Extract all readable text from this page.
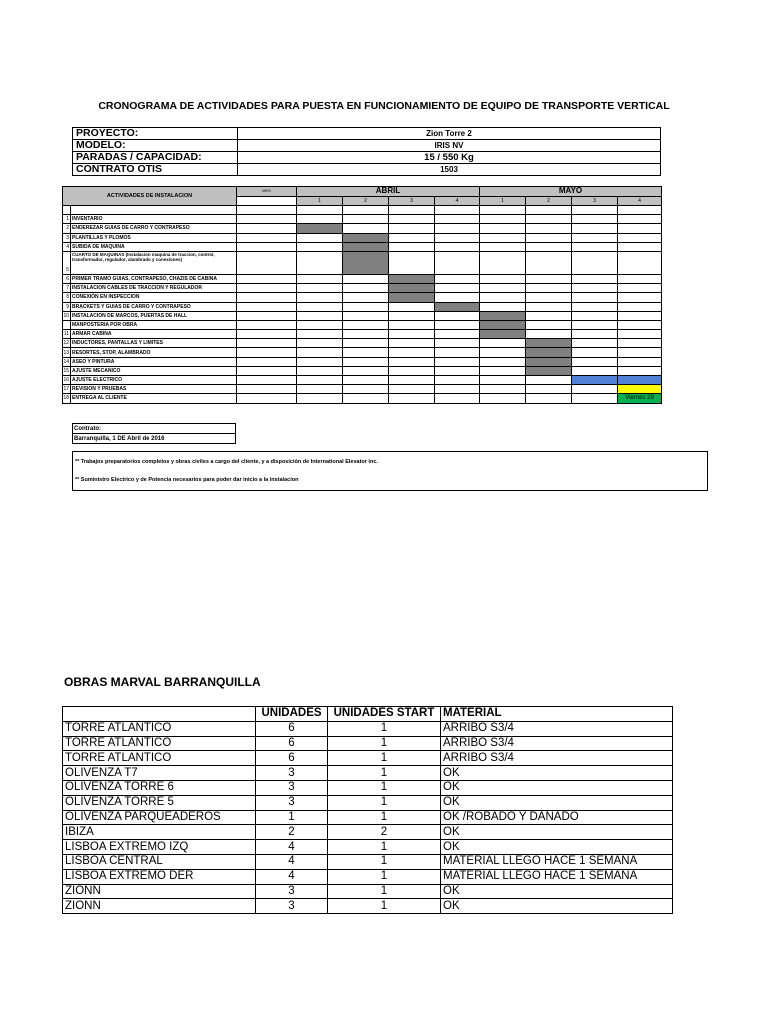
CRONOGRAMA DE ACTIVIDADES PARA PUESTA EN FUNCIONAMIENTO DE EQUIPO DE TRANSPORTE VERTICAL
PROYECTO:	Zion Torre 2
MODELO:	IRIS NV
PARADAS / CAPACIDAD:	15 / 550 Kg
CONTRATO OTIS	1503
ACTIVIDADES DE INSTALACION		MES	ABRIL				MAYO			
			1	2	3	4	1	2	3	4

1	INVENTARIO									
2	ENDEREZAR GUIAS DE CARRO Y CONTRAPESO									
3	PLANTILLAS Y PLOMOS									
4	SUBIDA DE MAQUINA									
5	CUARTO DE MAQUINAS (Instalacion maquina de traccion, control, transformador, regulador, alambrado y conexiones)									
6	PRIMER TRAMO GUIAS, CONTRAPESO, CHAZIS DE CABINA									
7	INSTALACION CABLES DE TRACCION Y REGULADOR									
8	CONEXIÓN EN INSPECCION									
9	BRACKETS Y GUIAS DE CARRO Y CONTRAPESO									
10	INSTALACION DE MARCOS, PUERTAS DE HALL									
	MANPOSTERIA POR OBRA									
11	ARMAR CABINA									
12	INDUCTORES, PANTALLAS Y LIMITES									
13	RESORTES, STOP, ALAMBRADO									
14	ASEO Y PINTURA									
15	AJUSTE MECANICO									
16	AJUSTE ELECTRICO									
17	REVISION Y PRUEBAS									
18	ENTREGA AL CLIENTE									Viernes 29
Contrato:
Barranquilla, 1 DE Abril de 2016
** Trabajos preparatorios completos y obras civiles a cargo del cliente, y a disposición de International Elevator inc.
** Suministro Electrico y de Potencia necesarios para poder dar inicio a la instalacion
OBRAS MARVAL BARRANQUILLA
	UNIDADES	UNIDADES START	MATERIAL
TORRE ATLANTICO	6	1	ARRIBO S3/4
TORRE ATLANTICO	6	1	ARRIBO S3/4
TORRE ATLANTICO	6	1	ARRIBO S3/4
OLIVENZA T7	3	1	OK
OLIVENZA TORRE 6	3	1	OK
OLIVENZA TORRE 5	3	1	OK
OLIVENZA PARQUEADEROS	1	1	OK /ROBADO Y DANADO
IBIZA	2	2	OK
LISBOA EXTREMO IZQ	4	1	OK
LISBOA CENTRAL	4	1	MATERIAL LLEGO HACE 1 SEMANA
LISBOA EXTREMO DER	4	1	MATERIAL LLEGO HACE 1 SEMANA
ZIONN	3	1	OK
ZIONN	3	1	OK
